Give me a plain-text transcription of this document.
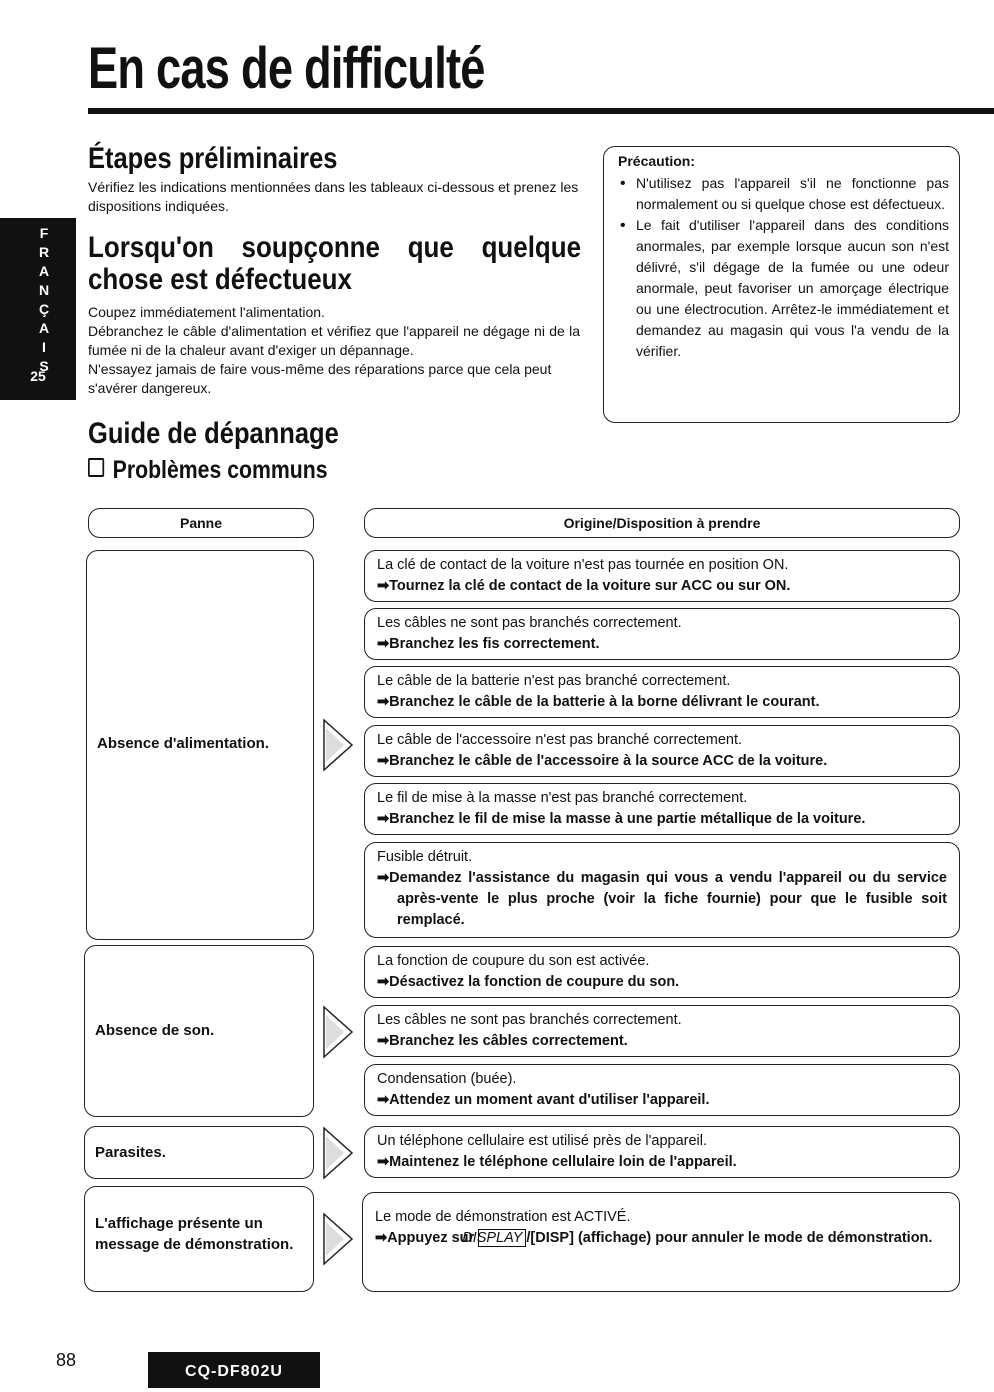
En cas de difficulté
F
R
A
N
Ç
A
I
S
25
Étapes préliminaires
Vérifiez les indications mentionnées dans les tableaux ci-dessous et prenez les dispositions indiquées.
Lorsqu'on soupçonne que quelque chose est défectueux

Coupez immédiatement l'alimentation.

Débranchez le câble d'alimentation et vérifiez que l'appareil ne dégage ni de la fumée ni de la chaleur avant d'exiger un dépannage.

N'essayez jamais de faire vous-même des réparations parce que cela peut s'avérer dangereux.

Précaution:
• N'utilisez pas l'appareil s'il ne fonctionne pas normalement ou si quelque chose est défectueux.
• Le fait d'utiliser l'appareil dans des conditions anormales, par exemple lorsque aucun son n'est délivré, s'il dégage de la fumée ou une odeur anormale, peut favoriser un amorçage électrique ou une électrocution. Arrêtez-le immédiatement et demandez au magasin qui vous l'a vendu de la vérifier.
Guide de dépannage
Problèmes communs
Panne	Origine/Disposition à prendre
Absence d'alimentation.
Absence de son.
Parasites.
L'affichage présente un message de démonstration.
La clé de contact de la voiture n'est pas tournée en position ON.
➡Tournez la clé de contact de la voiture sur ACC ou sur ON.
Les câbles ne sont pas branchés correctement.
➡Branchez les fis correctement.
Le câble de la batterie n'est pas branché correctement.
➡Branchez le câble de la batterie à la borne délivrant le courant.
Le câble de l'accessoire n'est pas branché correctement.
➡Branchez le câble de l'accessoire à la source ACC de la voiture.
Le fil de mise à la masse n'est pas branché correctement.
➡Branchez le fil de mise la masse à une partie métallique de la voiture.
Fusible détruit.
➡Demandez l'assistance du magasin qui vous a vendu l'appareil ou du service après-vente le plus proche (voir la fiche fournie) pour que le fusible soit remplacé.
La fonction de coupure du son est activée.
➡Désactivez la fonction de coupure du son.
Les câbles ne sont pas branchés correctement.
➡Branchez les câbles correctement.
Condensation (buée).
➡Attendez un moment avant d'utiliser l'appareil.
Un téléphone cellulaire est utilisé près de l'appareil.
➡Maintenez le téléphone cellulaire loin de l'appareil.
Le mode de démonstration est ACTIVÉ.
➡Appuyez sur DISPLAY /[DISP] (affichage) pour annuler le mode de démonstration.
88
CQ-DF802U
